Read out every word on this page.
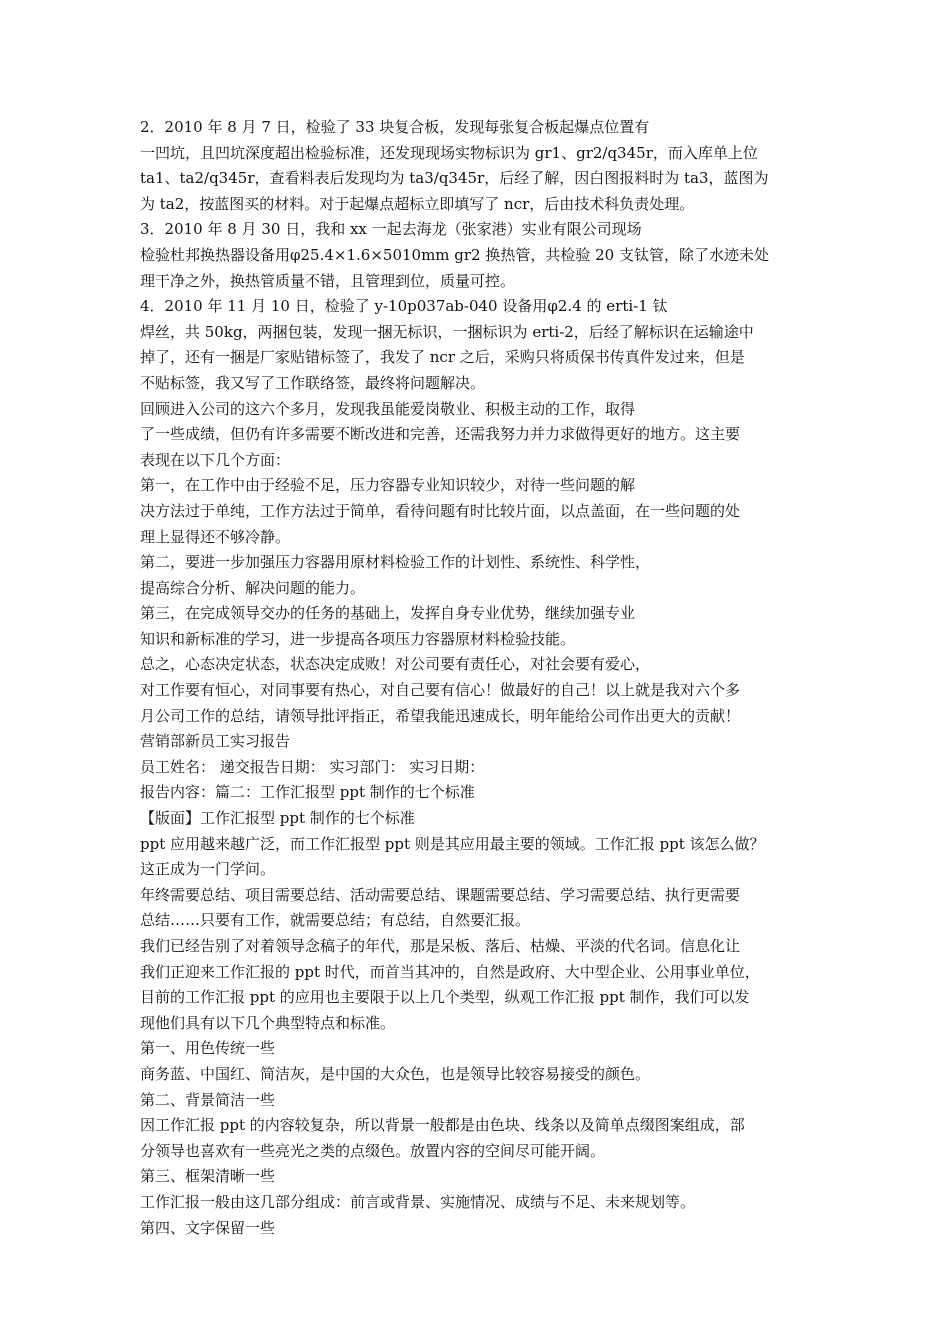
2．2010 年 8 月 7 日，检验了 33 块复合板，发现每张复合板起爆点位置有
一凹坑，且凹坑深度超出检验标准，还发现现场实物标识为 gr1、gr2/q345r，而入库单上位
ta1、ta2/q345r，查看料表后发现均为 ta3/q345r，后经了解，因白图报料时为 ta3，蓝图为
为 ta2，按蓝图买的材料。对于起爆点超标立即填写了 ncr，后由技术科负责处理。
3．2010 年 8 月 30 日，我和 xx 一起去海龙（张家港）实业有限公司现场
检验杜邦换热器设备用φ25.4×1.6×5010mm gr2 换热管，共检验 20 支钛管，除了水迹未处
理干净之外，换热管质量不错，且管理到位，质量可控。
4．2010 年 11 月 10 日，检验了 y-10p037ab-040 设备用φ2.4 的 erti-1 钛
焊丝，共 50kg，两捆包装，发现一捆无标识，一捆标识为 erti-2，后经了解标识在运输途中
掉了，还有一捆是厂家贴错标签了，我发了 ncr 之后，采购只将质保书传真件发过来，但是
不贴标签，我又写了工作联络签，最终将问题解决。
回顾进入公司的这六个多月，发现我虽能爱岗敬业、积极主动的工作，取得
了一些成绩，但仍有许多需要不断改进和完善，还需我努力并力求做得更好的地方。这主要
表现在以下几个方面：
第一，在工作中由于经验不足，压力容器专业知识较少，对待一些问题的解
决方法过于单纯，工作方法过于简单，看待问题有时比较片面，以点盖面，在一些问题的处
理上显得还不够冷静。
第二，要进一步加强压力容器用原材料检验工作的计划性、系统性、科学性，
提高综合分析、解决问题的能力。
第三，在完成领导交办的任务的基础上，发挥自身专业优势，继续加强专业
知识和新标准的学习，进一步提高各项压力容器原材料检验技能。
总之，心态决定状态，状态决定成败！对公司要有责任心，对社会要有爱心，
对工作要有恒心，对同事要有热心，对自己要有信心！做最好的自己！以上就是我对六个多
月公司工作的总结，请领导批评指正，希望我能迅速成长，明年能给公司作出更大的贡献！
营销部新员工实习报告
员工姓名： 递交报告日期： 实习部门： 实习日期：
报告内容：篇二：工作汇报型 ppt 制作的七个标准
【版面】工作汇报型 ppt 制作的七个标准
ppt 应用越来越广泛，而工作汇报型 ppt 则是其应用最主要的领域。工作汇报 ppt 该怎么做？
这正成为一门学问。
年终需要总结、项目需要总结、活动需要总结、课题需要总结、学习需要总结、执行更需要
总结……只要有工作，就需要总结；有总结，自然要汇报。
我们已经告别了对着领导念稿子的年代，那是呆板、落后、枯燥、平淡的代名词。信息化让
我们正迎来工作汇报的 ppt 时代，而首当其冲的，自然是政府、大中型企业、公用事业单位，
目前的工作汇报 ppt 的应用也主要限于以上几个类型，纵观工作汇报 ppt 制作，我们可以发
现他们具有以下几个典型特点和标准。
第一、用色传统一些
商务蓝、中国红、简洁灰，是中国的大众色，也是领导比较容易接受的颜色。
第二、背景简洁一些
因工作汇报 ppt 的内容较复杂，所以背景一般都是由色块、线条以及简单点缀图案组成，部
分领导也喜欢有一些亮光之类的点缀色。放置内容的空间尽可能开阔。
第三、框架清晰一些
工作汇报一般由这几部分组成：前言或背景、实施情况、成绩与不足、未来规划等。
第四、文字保留一些
